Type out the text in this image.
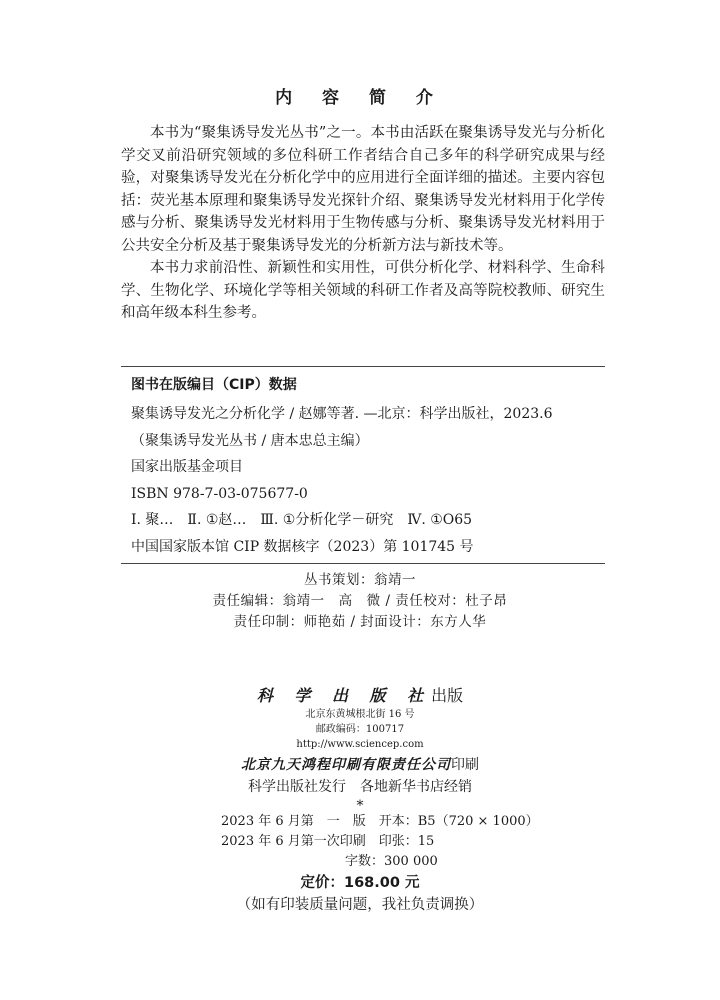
内 容 简 介

本书为“聚集诱导发光丛书”之一。本书由活跃在聚集诱导发光与分析化学交叉前沿研究领域的多位科研工作者结合自己多年的科学研究成果与经验，对聚集诱导发光在分析化学中的应用进行全面详细的描述。主要内容包括：荧光基本原理和聚集诱导发光探针介绍、聚集诱导发光材料用于化学传感与分析、聚集诱导发光材料用于生物传感与分析、聚集诱导发光材料用于公共安全分析及基于聚集诱导发光的分析新方法与新技术等。

本书力求前沿性、新颖性和实用性，可供分析化学、材料科学、生命科学、生物化学、环境化学等相关领域的科研工作者及高等院校教师、研究生和高年级本科生参考。

图书在版编目（CIP）数据
聚集诱导发光之分析化学 / 赵娜等著. —北京：科学出版社，2023.6
（聚集诱导发光丛书 / 唐本忠总主编）
国家出版基金项目
ISBN 978-7-03-075677-0
Ⅰ. 聚…　Ⅱ. ①赵…　Ⅲ. ①分析化学－研究　Ⅳ. ①O65
中国国家版本馆 CIP 数据核字（2023）第 101745 号
丛书策划：翁靖一
责任编辑：翁靖一　高　微 / 责任校对：杜子昂
责任印制：师艳茹 / 封面设计：东方人华
科 学 出 版 社出版
北京东黄城根北街 16 号
邮政编码：100717
http://www.sciencep.com
北京九天鸿程印刷有限责任公司印刷
科学出版社发行　各地新华书店经销
*
2023 年 6 月第　一　版　开本：B5（720 × 1000）
2023 年 6 月第一次印刷　印张：15
字数：300 000
定价：168.00 元
（如有印装质量问题，我社负责调换）
